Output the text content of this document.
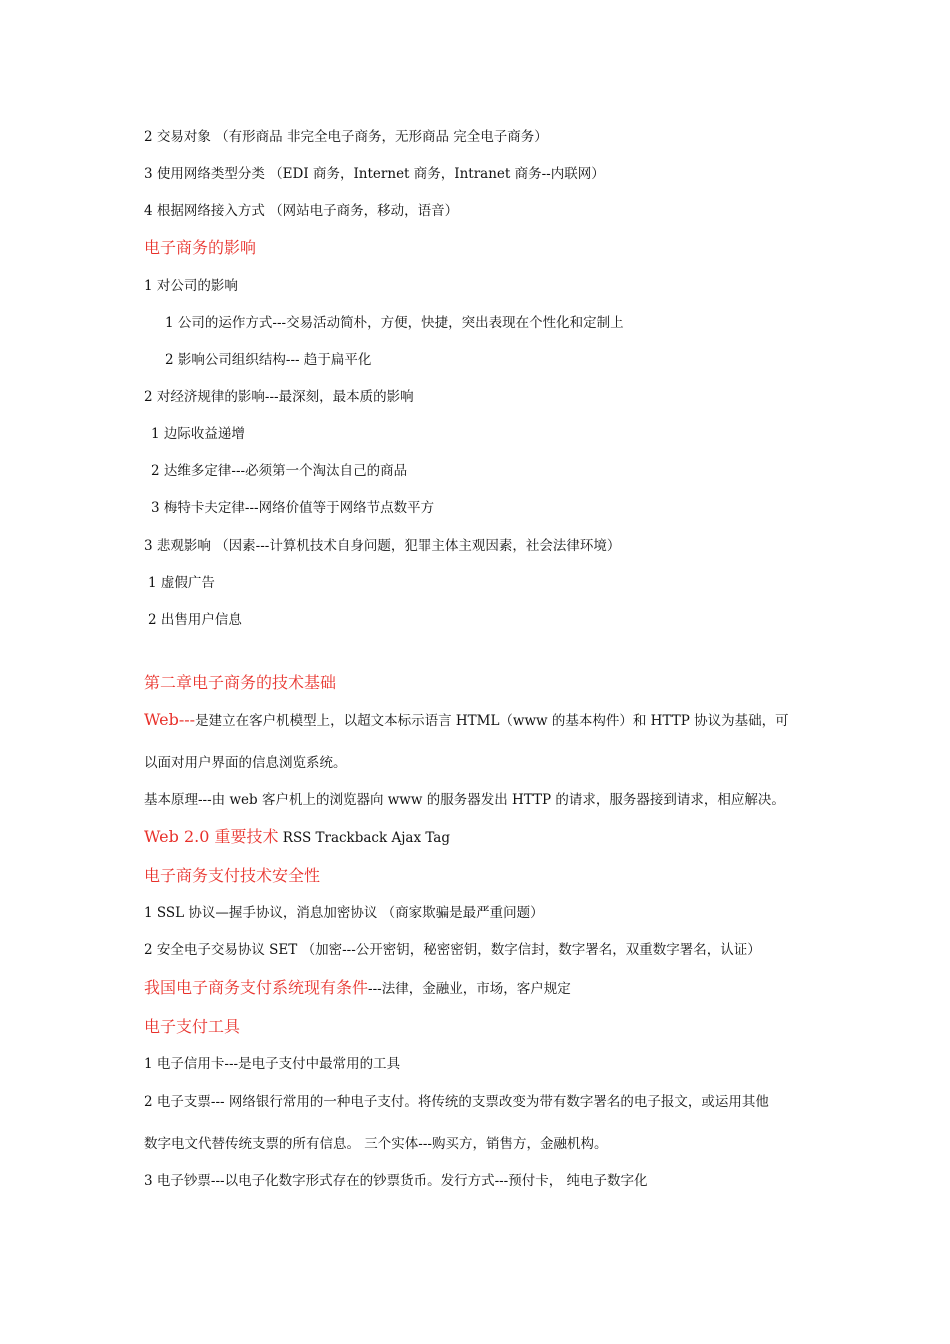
2 交易对象 （有形商品 非完全电子商务，无形商品 完全电子商务）
3 使用网络类型分类 （EDI 商务，Internet 商务，Intranet 商务--内联网）
4 根据网络接入方式 （网站电子商务，移动，语音）
电子商务的影响
1 对公司的影响
1 公司的运作方式---交易活动简朴，方便，快捷，突出表现在个性化和定制上
2 影响公司组织结构--- 趋于扁平化
2 对经济规律的影响---最深刻，最本质的影响
1 边际收益递增
2 达维多定律---必须第一个淘汰自己的商品
3 梅特卡夫定律---网络价值等于网络节点数平方
3 悲观影响 （因素---计算机技术自身问题，犯罪主体主观因素，社会法律环境）
1 虚假广告
2 出售用户信息
第二章电子商务的技术基础
Web---是建立在客户机模型上，以超文本标示语言 HTML（www 的基本构件）和 HTTP 协议为基础，可
以面对用户界面的信息浏览系统。
基本原理---由 web 客户机上的浏览器向 www 的服务器发出 HTTP 的请求，服务器接到请求，相应解决。
Web 2.0 重要技术 RSS Trackback Ajax Tag
电子商务支付技术安全性
1 SSL 协议—握手协议，消息加密协议 （商家欺骗是最严重问题）
2 安全电子交易协议 SET （加密---公开密钥，秘密密钥，数字信封，数字署名，双重数字署名，认证）
我国电子商务支付系统现有条件---法律，金融业，市场，客户规定
电子支付工具
1 电子信用卡---是电子支付中最常用的工具
2 电子支票--- 网络银行常用的一种电子支付。将传统的支票改变为带有数字署名的电子报文，或运用其他
数字电文代替传统支票的所有信息。 三个实体---购买方，销售方，金融机构。
3 电子钞票---以电子化数字形式存在的钞票货币。发行方式---预付卡， 纯电子数字化
